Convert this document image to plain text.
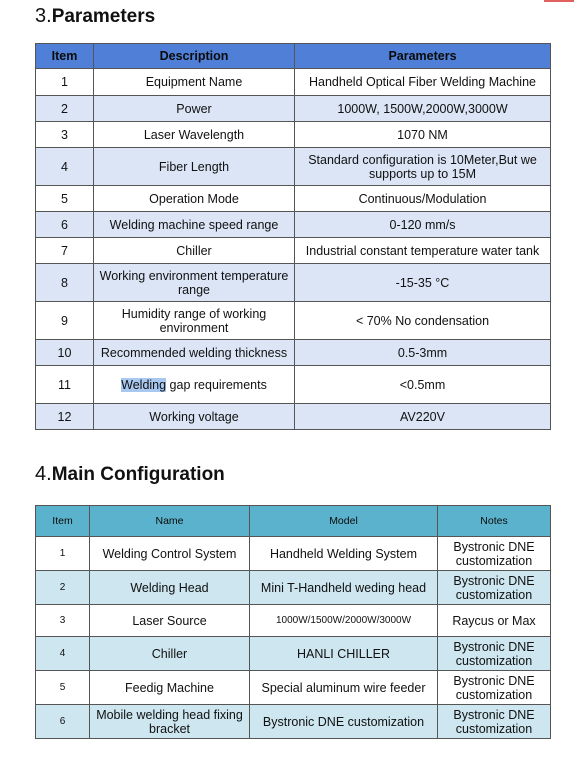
3.Parameters
Item	Description	Parameters
1	Equipment Name	Handheld Optical Fiber Welding Machine
2	Power	1000W, 1500W,2000W,3000W
3	Laser Wavelength	1070 NM
4	Fiber Length	Standard configuration is 10Meter,But we supports up to 15M
5	Operation Mode	Continuous/Modulation
6	Welding machine speed range	0-120 mm/s
7	Chiller	Industrial constant temperature water tank
8	Working environment temperature range	-15-35 °C
9	Humidity range of working environment	< 70% No condensation
10	Recommended welding thickness	0.5-3mm
11	Welding gap requirements	<0.5mm
12	Working voltage	AV220V
4.Main Configuration
Item	Name	Model	Notes
1	Welding Control System	Handheld Welding System	Bystronic DNE customization
2	Welding Head	Mini T-Handheld weding head	Bystronic DNE customization
3	Laser Source	1000W/1500W/2000W/3000W	Raycus or Max
4	Chiller	HANLI CHILLER	Bystronic DNE customization
5	Feedig Machine	Special aluminum wire feeder	Bystronic DNE customization
6	Mobile welding head fixing bracket	Bystronic DNE customization	Bystronic DNE customization
